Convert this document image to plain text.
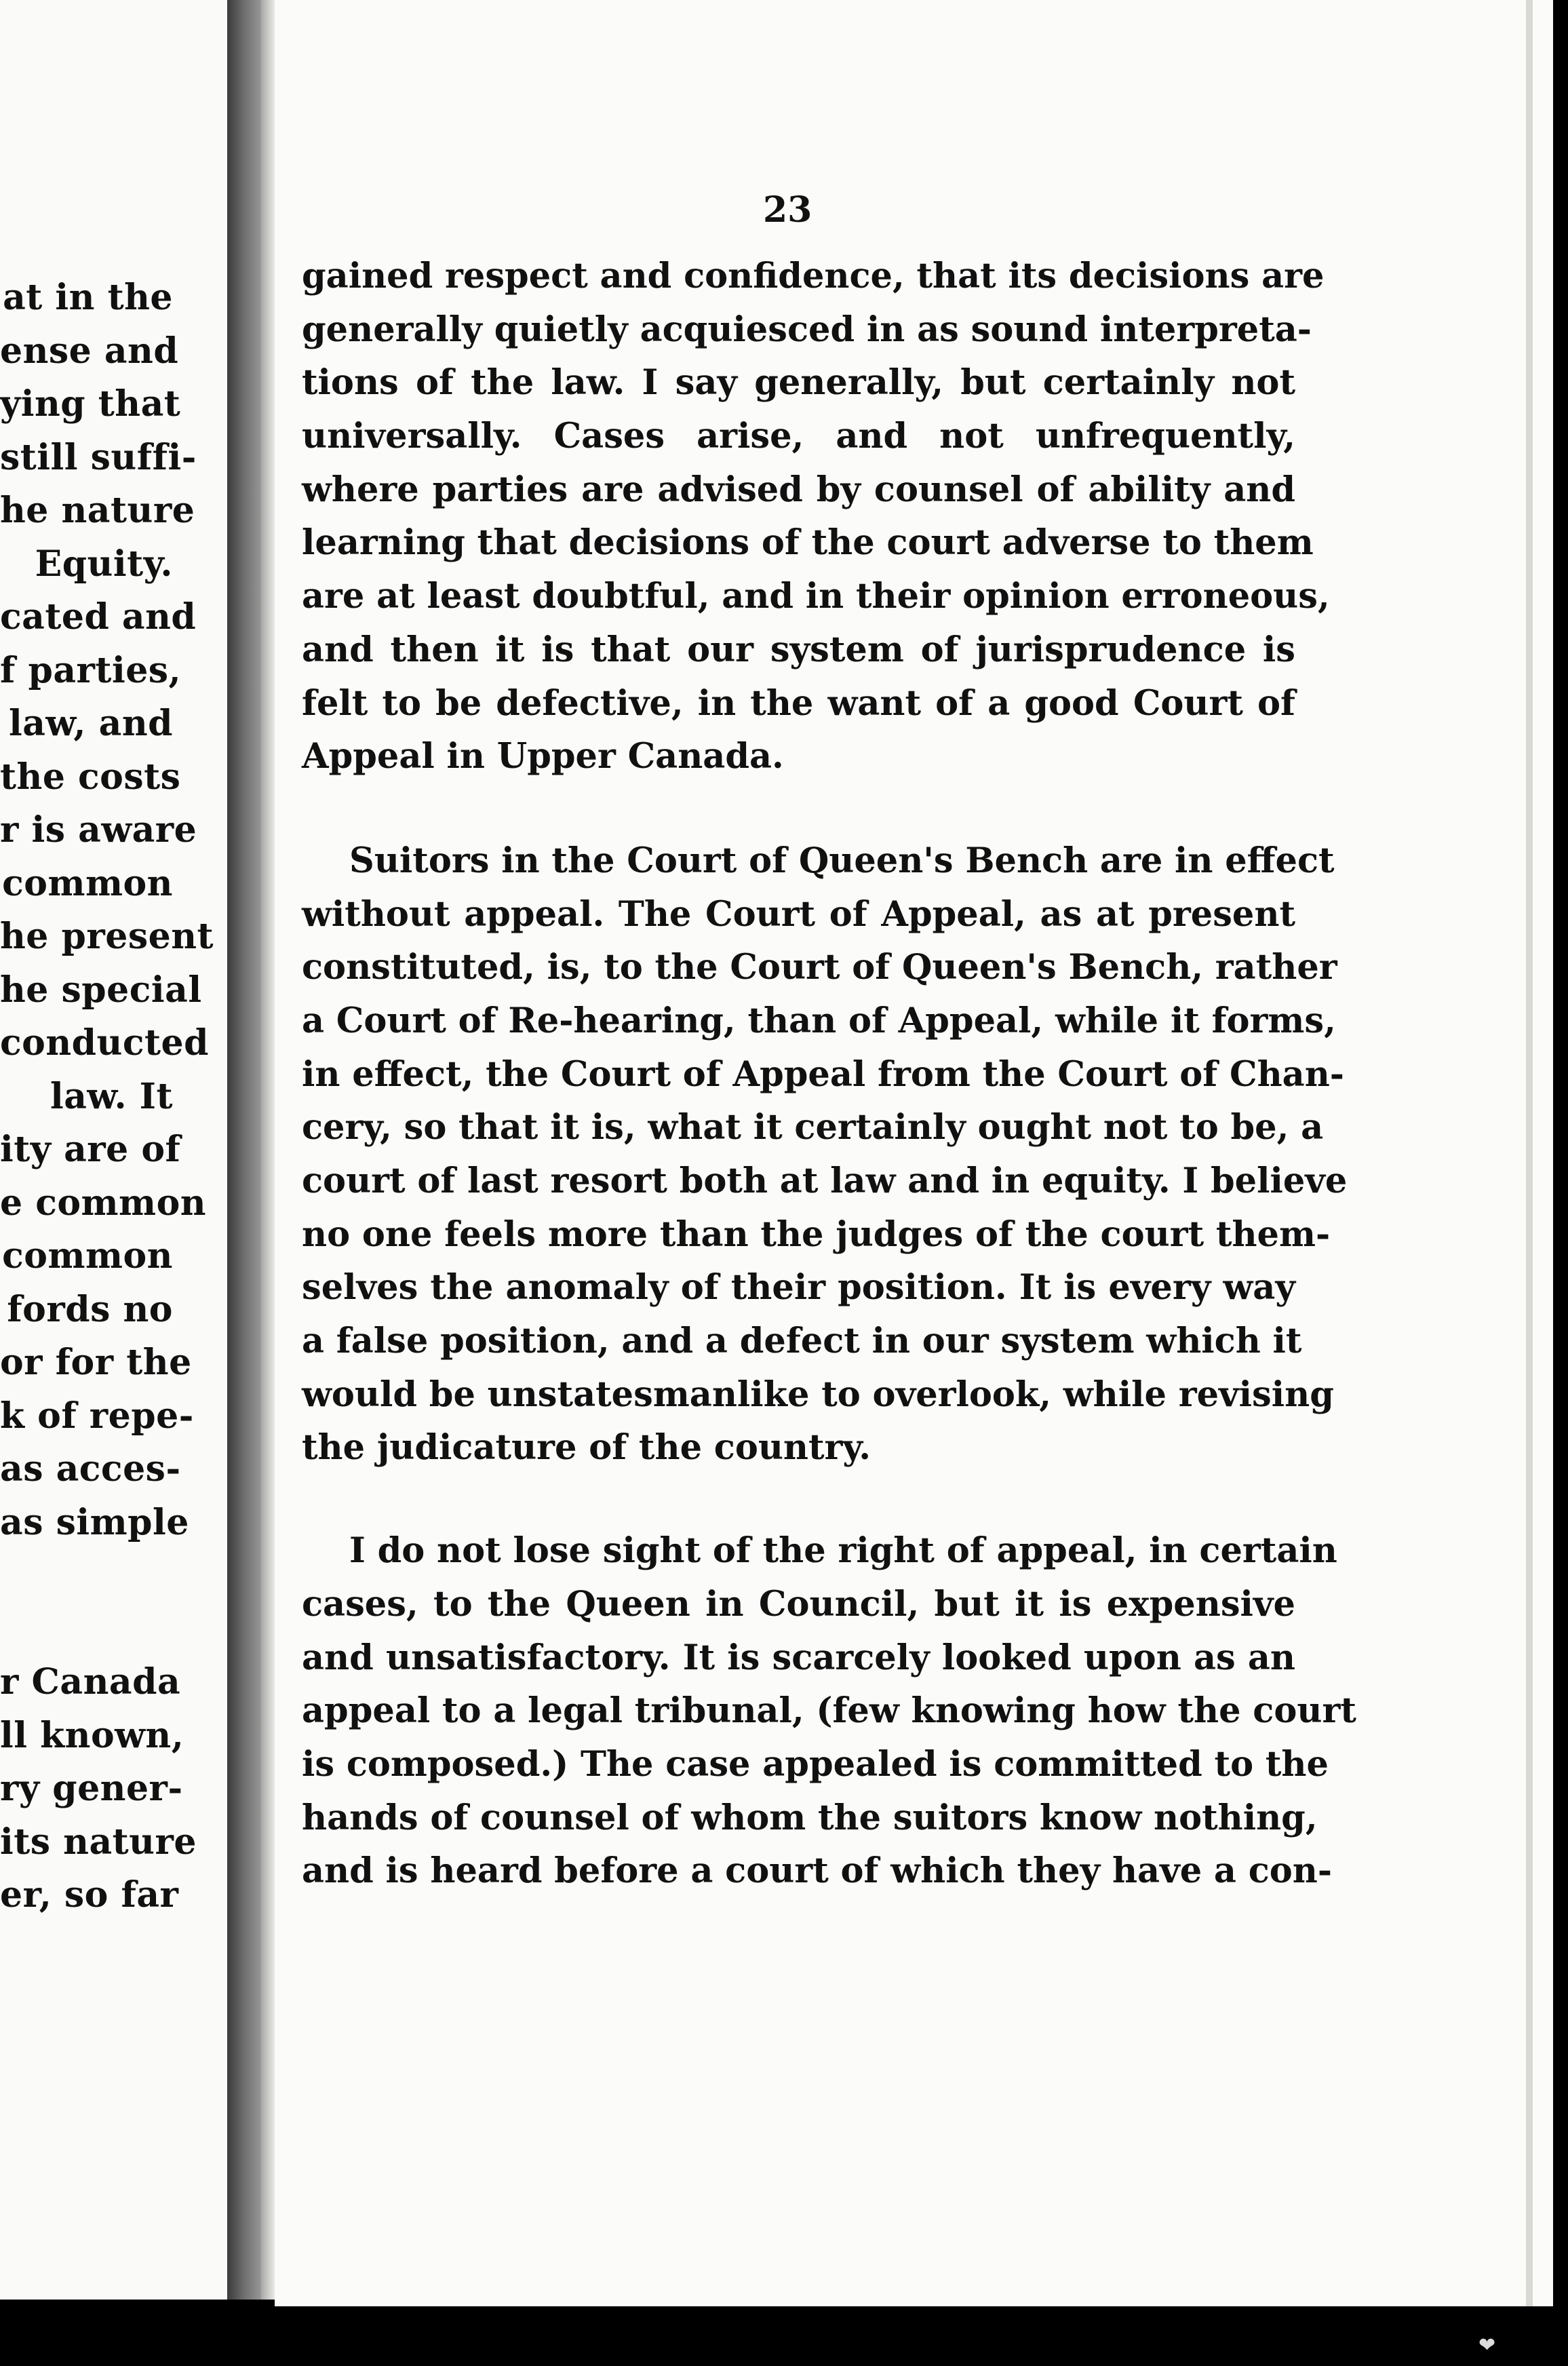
at in the
ense and
ying that
still suffi-
he nature
Equity.
cated and
f parties,
law, and
the costs
r is aware
common
he present
he special
conducted
law. It
ity are of
e common
common
fords no
or for the
k of repe-
as acces-
as simple
r Canada
ll known,
ry gener-
its nature
er, so far
23
gained respect and confidence, that its decisions are
generally quietly acquiesced in as sound interpreta-
tions of the law. I say generally, but certainly not
universally. Cases arise, and not unfrequently,
where parties are advised by counsel of ability and
learning that decisions of the court adverse to them
are at least doubtful, and in their opinion erroneous,
and then it is that our system of jurisprudence is
felt to be defective, in the want of a good Court of
Appeal in Upper Canada.
Suitors in the Court of Queen's Bench are in effect
without appeal. The Court of Appeal, as at present
constituted, is, to the Court of Queen's Bench, rather
a Court of Re-hearing, than of Appeal, while it forms,
in effect, the Court of Appeal from the Court of Chan-
cery, so that it is, what it certainly ought not to be, a
court of last resort both at law and in equity. I believe
no one feels more than the judges of the court them-
selves the anomaly of their position. It is every way
a false position, and a defect in our system which it
would be unstatesmanlike to overlook, while revising
the judicature of the country.
I do not lose sight of the right of appeal, in certain
cases, to the Queen in Council, but it is expensive
and unsatisfactory. It is scarcely looked upon as an
appeal to a legal tribunal, (few knowing how the court
is composed.) The case appealed is committed to the
hands of counsel of whom the suitors know nothing,
and is heard before a court of which they have a con-
❤
